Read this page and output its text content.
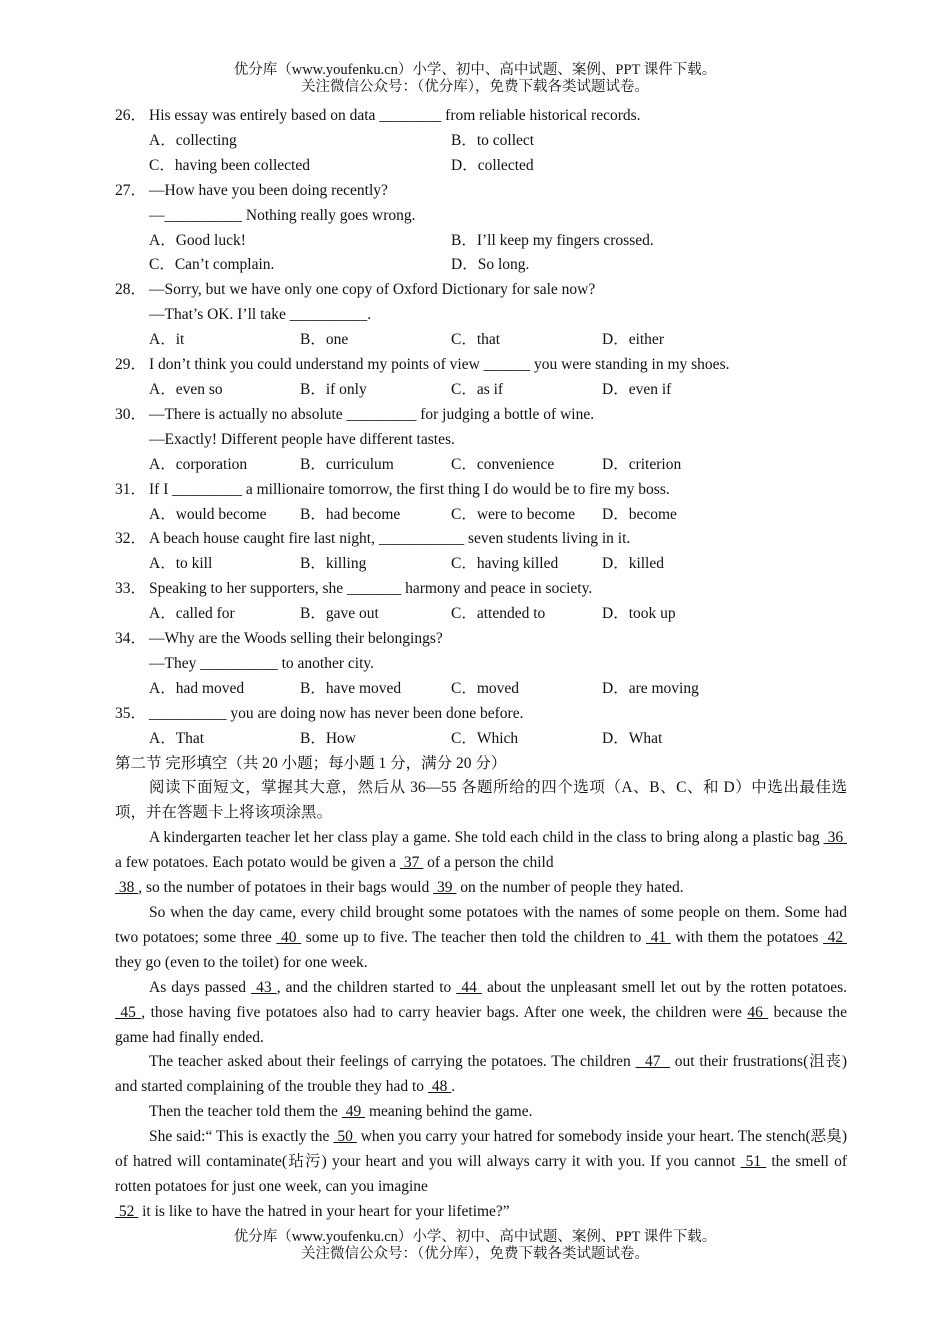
优分库（www.youfenku.cn）小学、初中、高中试题、案例、PPT 课件下载。
关注微信公众号：（优分库），免费下载各类试题试卷。
26． His essay was entirely based on data ________ from reliable historical records.
A．collecting	B．to collect
C．having been collected	D．collected
27． —How have you been doing recently?
—__________ Nothing really goes wrong.
A．Good luck!	B．I’ll keep my fingers crossed.
C．Can’t complain.	D．So long.
28． —Sorry, but we have only one copy of Oxford Dictionary for sale now?
—That’s OK. I’ll take __________.
A．it	B．one	C．that	D．either
29． I don’t think you could understand my points of view ______ you were standing in my shoes.
A．even so	B．if only	C．as if	D．even if
30． —There is actually no absolute _________ for judging a bottle of wine.
—Exactly! Different people have different tastes.
A．corporation	B．curriculum	C．convenience	D．criterion
31． If I _________ a millionaire tomorrow, the first thing I do would be to fire my boss.
A．would become	B．had become	C．were to become	D．become
32． A beach house caught fire last night, ___________ seven students living in it.
A．to kill	B．killing	C．having killed	D．killed
33． Speaking to her supporters, she _______ harmony and peace in society.
A．called for	B．gave out	C．attended to	D．took up
34． —Why are the Woods selling their belongings?
—They __________ to another city.
A．had moved	B．have moved	C．moved	D．are moving
35． __________ you are doing now has never been done before.
A．That	B．How	C．Which	D．What
第二节 完形填空（共 20 小题；每小题 1 分，满分 20 分）
阅读下面短文，掌握其大意，然后从 36—55 各题所给的四个选项（A、B、C、和 D）中选出最佳选项，并在答题卡上将该项涂黑。
A kindergarten teacher let her class play a game. She told each child in the class to bring along a plastic bag  36  a few potatoes. Each potato would be given a  37  of a person the child
38 , so the number of potatoes in their bags would  39  on the number of people they hated.
So when the day came, every child brought some potatoes with the names of some people on them. Some had two potatoes; some three  40  some up to five. The teacher then told the children to  41  with them the potatoes  42  they go (even to the toilet) for one week.
As days passed  43 , and the children started to  44  about the unpleasant smell let out by the rotten potatoes.  45 , those having five potatoes also had to carry heavier bags. After one week, the children were 46  because the game had finally ended.
The teacher asked about their feelings of carrying the potatoes. The children   47   out their frustrations(沮丧) and started complaining of the trouble they had to  48 .
Then the teacher told them the  49  meaning behind the game.
She said:“ This is exactly the  50  when you carry your hatred for somebody inside your heart. The stench(恶臭) of hatred will contaminate(玷污) your heart and you will always carry it with you. If you cannot  51  the smell of rotten potatoes for just one week, can you imagine
52  it is like to have the hatred in your heart for your lifetime?”
优分库（www.youfenku.cn）小学、初中、高中试题、案例、PPT 课件下载。
关注微信公众号：（优分库），免费下载各类试题试卷。
